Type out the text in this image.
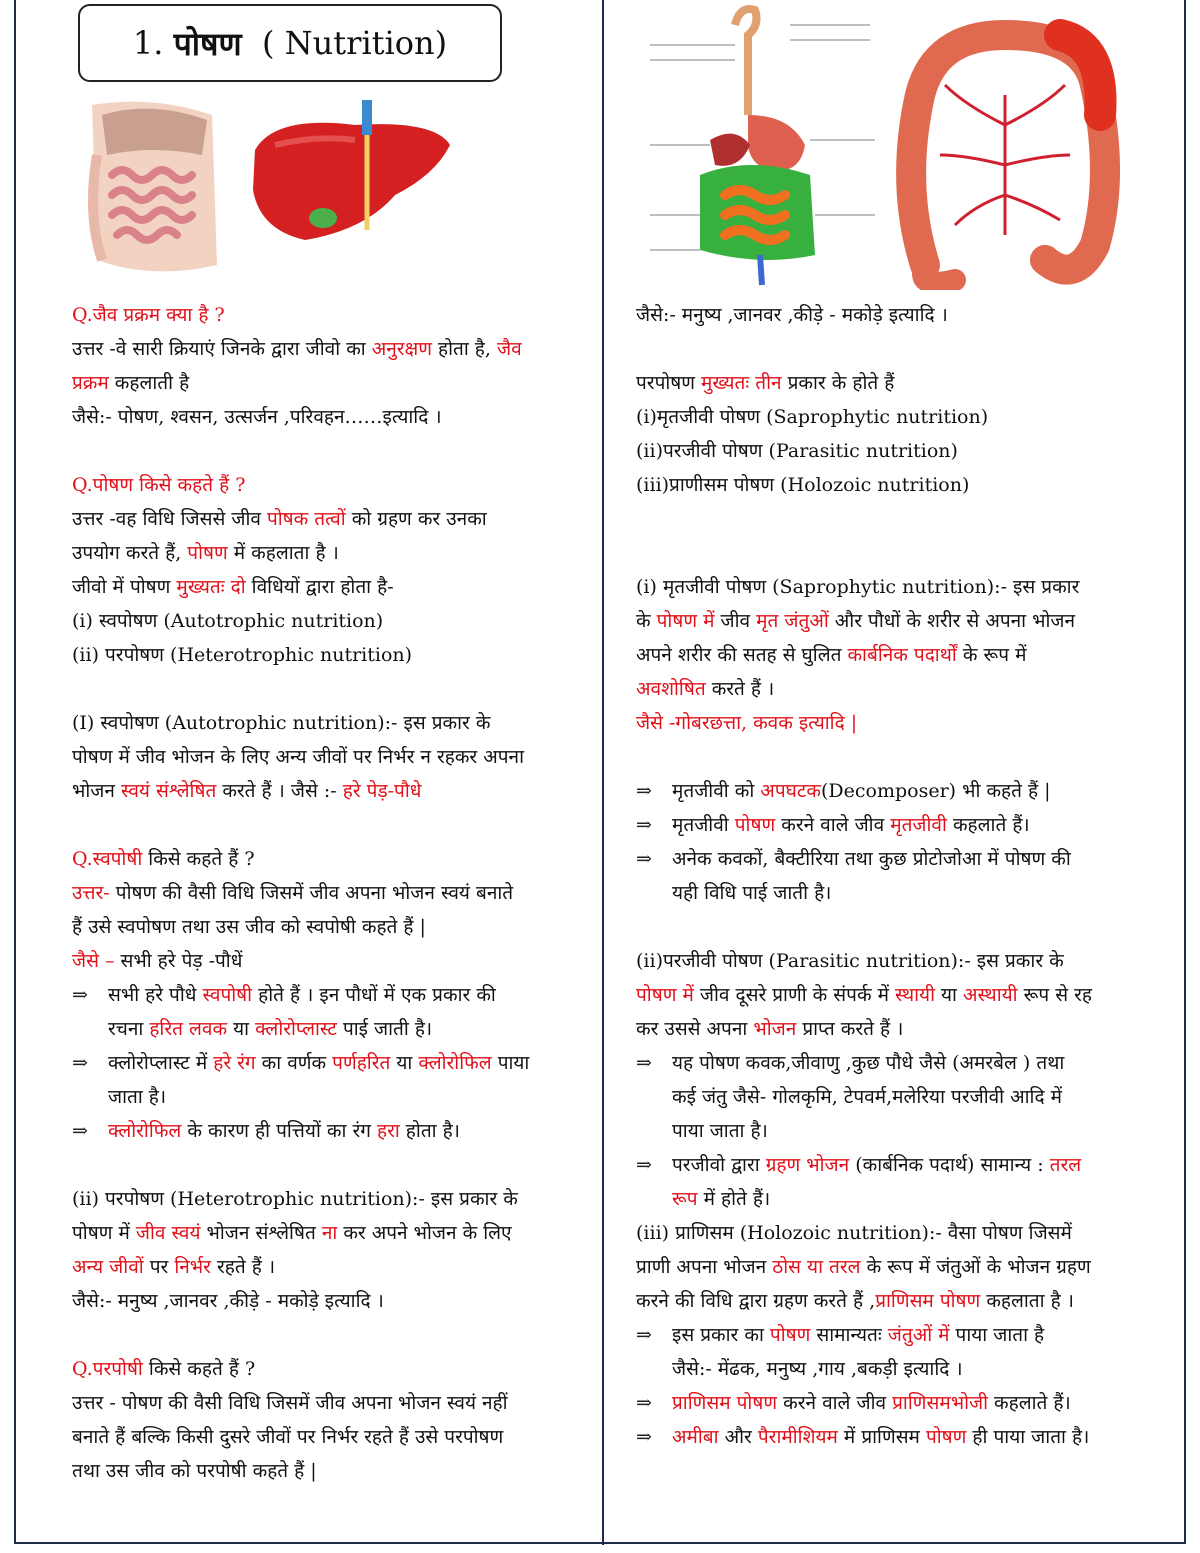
1.
पोषण
( Nutrition)

Q.जैव प्रक्रम क्या है ?

उत्तर -वे सारी क्रियाएं जिनके द्वारा जीवो का अनुरक्षण होता है, जैव

प्रक्रम कहलाती है

जैसे:- पोषण, श्वसन, उत्सर्जन ,परिवहन……इत्यादि ।

Q.पोषण किसे कहते हैं ?

उत्तर -वह विधि जिससे जीव पोषक तत्वों को ग्रहण कर उनका

उपयोग करते हैं, पोषण में कहलाता है ।

जीवो में पोषण मुख्यतः दो विधियों द्वारा होता है-

(i) स्वपोषण (Autotrophic nutrition)

(ii) परपोषण (Heterotrophic nutrition)

(I) स्वपोषण (Autotrophic nutrition):- इस प्रकार के

पोषण में जीव भोजन के लिए अन्य जीवों पर निर्भर न रहकर अपना

भोजन स्वयं संश्लेषित करते हैं । जैसे :- हरे पेड़-पौधे

Q.स्वपोषी किसे कहते हैं ?

उत्तर- पोषण की वैसी विधि जिसमें जीव अपना भोजन स्वयं बनाते

हैं उसे स्वपोषण तथा उस जीव को स्वपोषी कहते हैं |

जैसे – सभी हरे पेड़ -पौधें

⇒	सभी हरे पौधे स्वपोषी होते हैं । इन पौधों में एक प्रकार की

रचना हरित लवक या क्लोरोप्लास्ट पाई जाती है।

⇒	क्लोरोप्लास्ट में हरे रंग का वर्णक पर्णहरित या क्लोरोफिल पाया

जाता है।

⇒	क्लोरोफिल के कारण ही पत्तियों का रंग हरा होता है।

(ii) परपोषण (Heterotrophic nutrition):- इस प्रकार के

पोषण में जीव स्वयं भोजन संश्लेषित ना कर अपने भोजन के लिए

अन्य जीवों पर निर्भर रहते हैं ।

जैसे:- मनुष्य ,जानवर ,कीड़े - मकोड़े इत्यादि ।

Q.परपोषी किसे कहते हैं ?

उत्तर - पोषण की वैसी विधि जिसमें जीव अपना भोजन स्वयं नहीं

बनाते हैं बल्कि किसी दुसरे जीवों पर निर्भर रहते हैं उसे परपोषण

तथा उस जीव को परपोषी कहते हैं |

जैसे:- मनुष्य ,जानवर ,कीड़े - मकोड़े इत्यादि ।

परपोषण मुख्यतः तीन प्रकार के होते हैं

(i)मृतजीवी पोषण (Saprophytic nutrition)

(ii)परजीवी पोषण (Parasitic nutrition)

(iii)प्राणीसम पोषण (Holozoic nutrition)

(i) मृतजीवी पोषण (Saprophytic nutrition):- इस प्रकार

के पोषण में जीव मृत जंतुओं और पौधों के शरीर से अपना भोजन

अपने शरीर की सतह से घुलित कार्बनिक पदार्थों के रूप में

अवशोषित करते हैं ।

जैसे -गोबरछत्ता, कवक इत्यादि |

⇒	मृतजीवी को अपघटक(Decomposer) भी कहते हैं |
⇒	मृतजीवी पोषण करने वाले जीव मृतजीवी कहलाते हैं।
⇒	अनेक कवकों, बैक्टीरिया तथा कुछ प्रोटोजोआ में पोषण की

यही विधि पाई जाती है।

(ii)परजीवी पोषण (Parasitic nutrition):- इस प्रकार के

पोषण में जीव दूसरे प्राणी के संपर्क में स्थायी या अस्थायी रूप से रह

कर उससे अपना भोजन प्राप्त करते हैं ।

⇒	यह पोषण कवक,जीवाणु ,कुछ पौधे जैसे (अमरबेल ) तथा

कई जंतु जैसे- गोलकृमि, टेपवर्म,मलेरिया परजीवी आदि में

पाया जाता है।

⇒	परजीवो द्वारा ग्रहण भोजन (कार्बनिक पदार्थ) सामान्य : तरल

रूप में होते हैं।

(iii) प्राणिसम (Holozoic nutrition):- वैसा पोषण जिसमें

प्राणी अपना भोजन ठोस या तरल के रूप में जंतुओं के भोजन ग्रहण

करने की विधि द्वारा ग्रहण करते हैं ,प्राणिसम पोषण कहलाता है ।

⇒	इस प्रकार का पोषण सामान्यतः जंतुओं में पाया जाता है

जैसे:- मेंढक, मनुष्य ,गाय ,बकड़ी इत्यादि ।

⇒	प्राणिसम पोषण करने वाले जीव प्राणिसमभोजी कहलाते हैं।
⇒	अमीबा और पैरामीशियम में प्राणिसम पोषण ही पाया जाता है।
